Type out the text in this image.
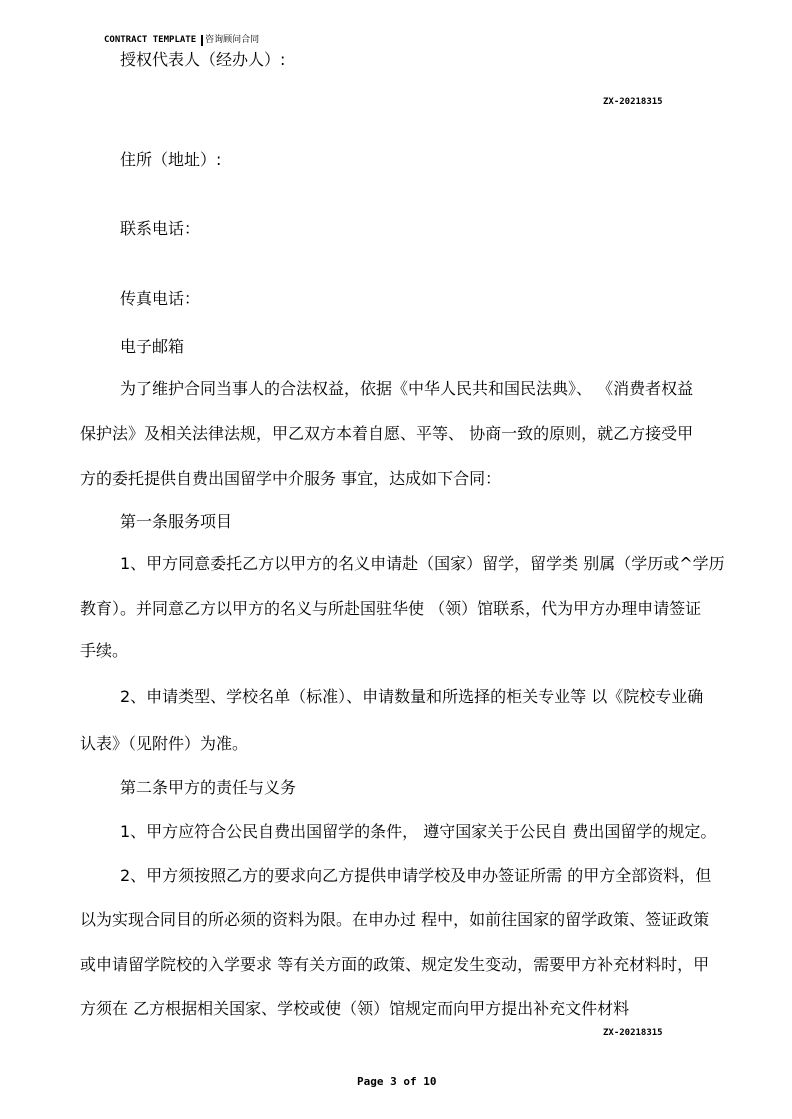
CONTRACT TEMPLATE 咨询顾问合同
ZX-20218315
授权代表人（经办人）:
住所（地址）:
联系电话：
传真电话：
电子邮箱
为了维护合同当事人的合法权益，依据《中华人民共和国民法典》、 《消费者权益
保护法》及相关法律法规，甲乙双方本着自愿、平等、 协商一致的原则，就乙方接受甲
方的委托提供自费出国留学中介服务 事宜，达成如下合同：
第一条服务项目
1、甲方同意委托乙方以甲方的名义申请赴（国家）留学，留学类 别属（学历或^学历
教育）。并同意乙方以甲方的名义与所赴国驻华使 （领）馆联系，代为甲方办理申请签证
手续。
2、申请类型、学校名单（标准）、申请数量和所选择的柜关专业等 以《院校专业确
认表》（见附件）为准。
第二条甲方的责任与义务
1、甲方应符合公民自费出国留学的条件， 遵守国家关于公民自 费出国留学的规定。
2、甲方须按照乙方的要求向乙方提供申请学校及申办签证所需 的甲方全部资料，但
以为实现合同目的所必须的资料为限。在申办过 程中，如前往国家的留学政策、签证政策
或申请留学院校的入学要求 等有关方面的政策、规定发生变动，需要甲方补充材料时，甲
方须在 乙方根据相关国家、学校或使（领）馆规定而向甲方提出补充文件材料
ZX-20218315
Page 3 of 10
